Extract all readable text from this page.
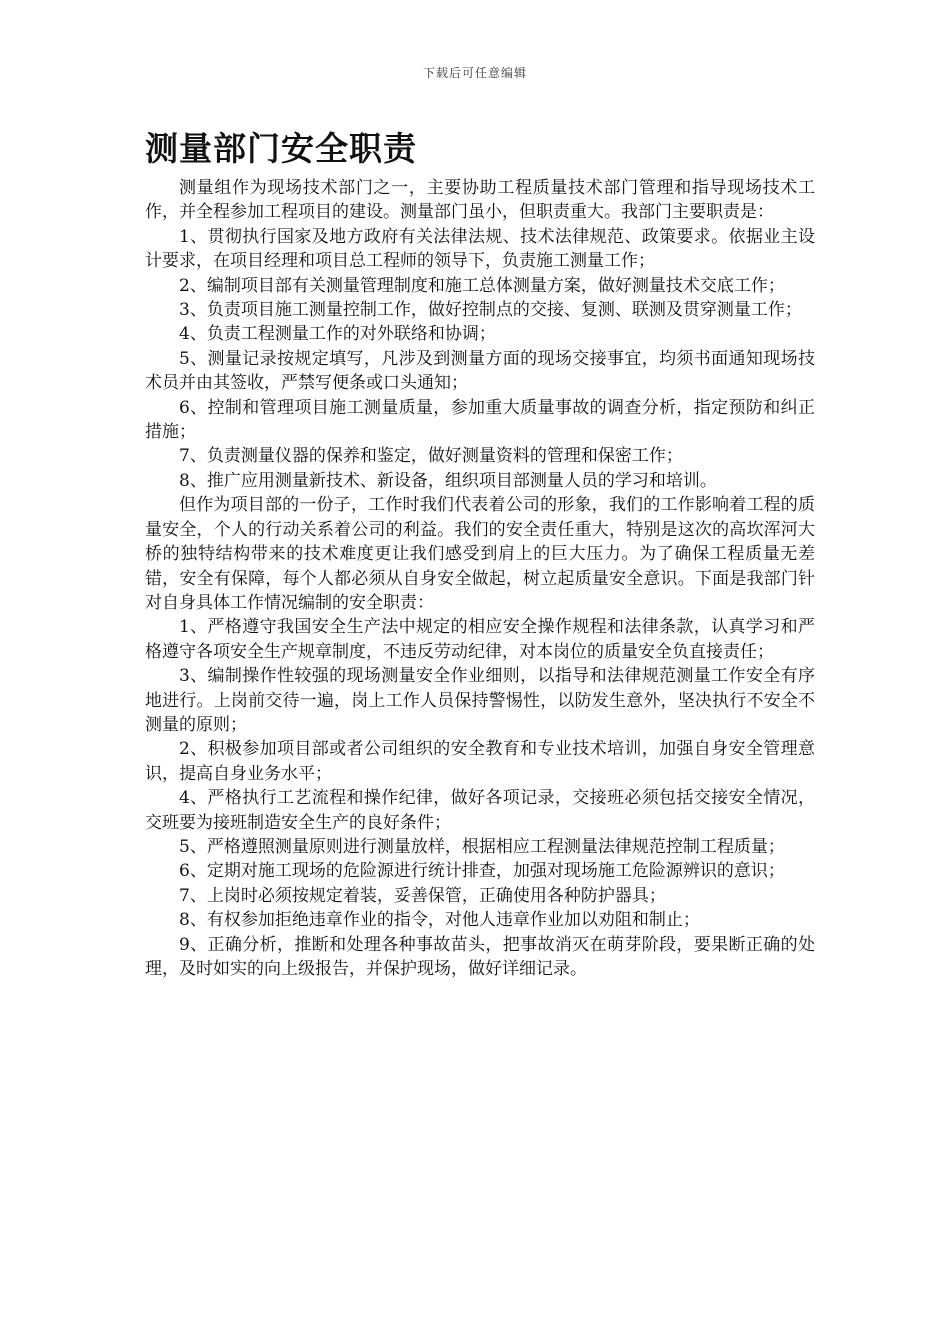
下载后可任意编辑
测量部门安全职责

测量组作为现场技术部门之一，主要协助工程质量技术部门管理和指导现场技术工作，并全程参加工程项目的建设。测量部门虽小，但职责重大。我部门主要职责是：

1、贯彻执行国家及地方政府有关法律法规、技术法律规范、政策要求。依据业主设计要求，在项目经理和项目总工程师的领导下，负责施工测量工作；

2、编制项目部有关测量管理制度和施工总体测量方案，做好测量技术交底工作；

3、负责项目施工测量控制工作，做好控制点的交接、复测、联测及贯穿测量工作；

4、负责工程测量工作的对外联络和协调；

5、测量记录按规定填写，凡涉及到测量方面的现场交接事宜，均须书面通知现场技术员并由其签收，严禁写便条或口头通知；

6、控制和管理项目施工测量质量，参加重大质量事故的调查分析，指定预防和纠正措施；

7、负责测量仪器的保养和鉴定，做好测量资料的管理和保密工作；

8、推广应用测量新技术、新设备，组织项目部测量人员的学习和培训。

但作为项目部的一份子，工作时我们代表着公司的形象，我们的工作影响着工程的质量安全，个人的行动关系着公司的利益。我们的安全责任重大，特别是这次的高坎浑河大桥的独特结构带来的技术难度更让我们感受到肩上的巨大压力。为了确保工程质量无差错，安全有保障，每个人都必须从自身安全做起，树立起质量安全意识。下面是我部门针对自身具体工作情况编制的安全职责：

1、严格遵守我国安全生产法中规定的相应安全操作规程和法律条款，认真学习和严格遵守各项安全生产规章制度，不违反劳动纪律，对本岗位的质量安全负直接责任；

3、编制操作性较强的现场测量安全作业细则，以指导和法律规范测量工作安全有序地进行。上岗前交待一遍，岗上工作人员保持警惕性，以防发生意外，坚决执行不安全不测量的原则；

2、积极参加项目部或者公司组织的安全教育和专业技术培训，加强自身安全管理意识，提高自身业务水平；

4、严格执行工艺流程和操作纪律，做好各项记录，交接班必须包括交接安全情况，交班要为接班制造安全生产的良好条件；

5、严格遵照测量原则进行测量放样，根据相应工程测量法律规范控制工程质量；

6、定期对施工现场的危险源进行统计排查，加强对现场施工危险源辨识的意识；

7、上岗时必须按规定着装，妥善保管，正确使用各种防护器具；

8、有权参加拒绝违章作业的指令，对他人违章作业加以劝阻和制止；

9、正确分析，推断和处理各种事故苗头，把事故消灭在萌芽阶段，要果断正确的处理，及时如实的向上级报告，并保护现场，做好详细记录。
